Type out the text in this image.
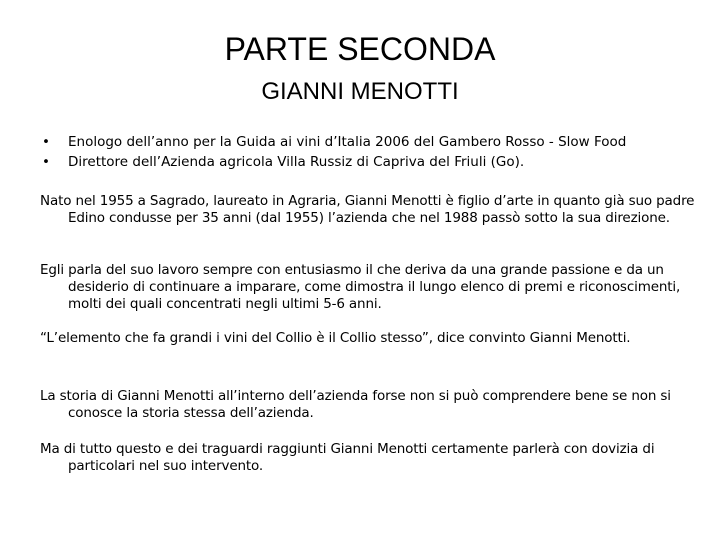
PARTE SECONDA
GIANNI MENOTTI
• Enologo dell’anno per la Guida ai vini d’Italia 2006 del Gambero Rosso - Slow Food
• Direttore dell’Azienda agricola Villa Russiz di Capriva del Friuli (Go).

Nato nel 1955 a Sagrado, laureato in Agraria, Gianni Menotti è figlio d’arte in quanto già suo padre Edino condusse per 35 anni (dal 1955) l’azienda che nel 1988 passò sotto la sua direzione.

Egli parla del suo lavoro sempre con entusiasmo il che deriva da una grande passione e da un desiderio di continuare a imparare, come dimostra il lungo elenco di premi e riconoscimenti, molti dei quali concentrati negli ultimi 5-6 anni.

“L’elemento che fa grandi i vini del Collio è il Collio stesso”, dice convinto Gianni Menotti.

La storia di Gianni Menotti all’interno dell’azienda forse non si può comprendere bene se non si conosce la storia stessa dell’azienda.

Ma di tutto questo e dei traguardi raggiunti Gianni Menotti certamente parlerà con dovizia di particolari nel suo intervento.
